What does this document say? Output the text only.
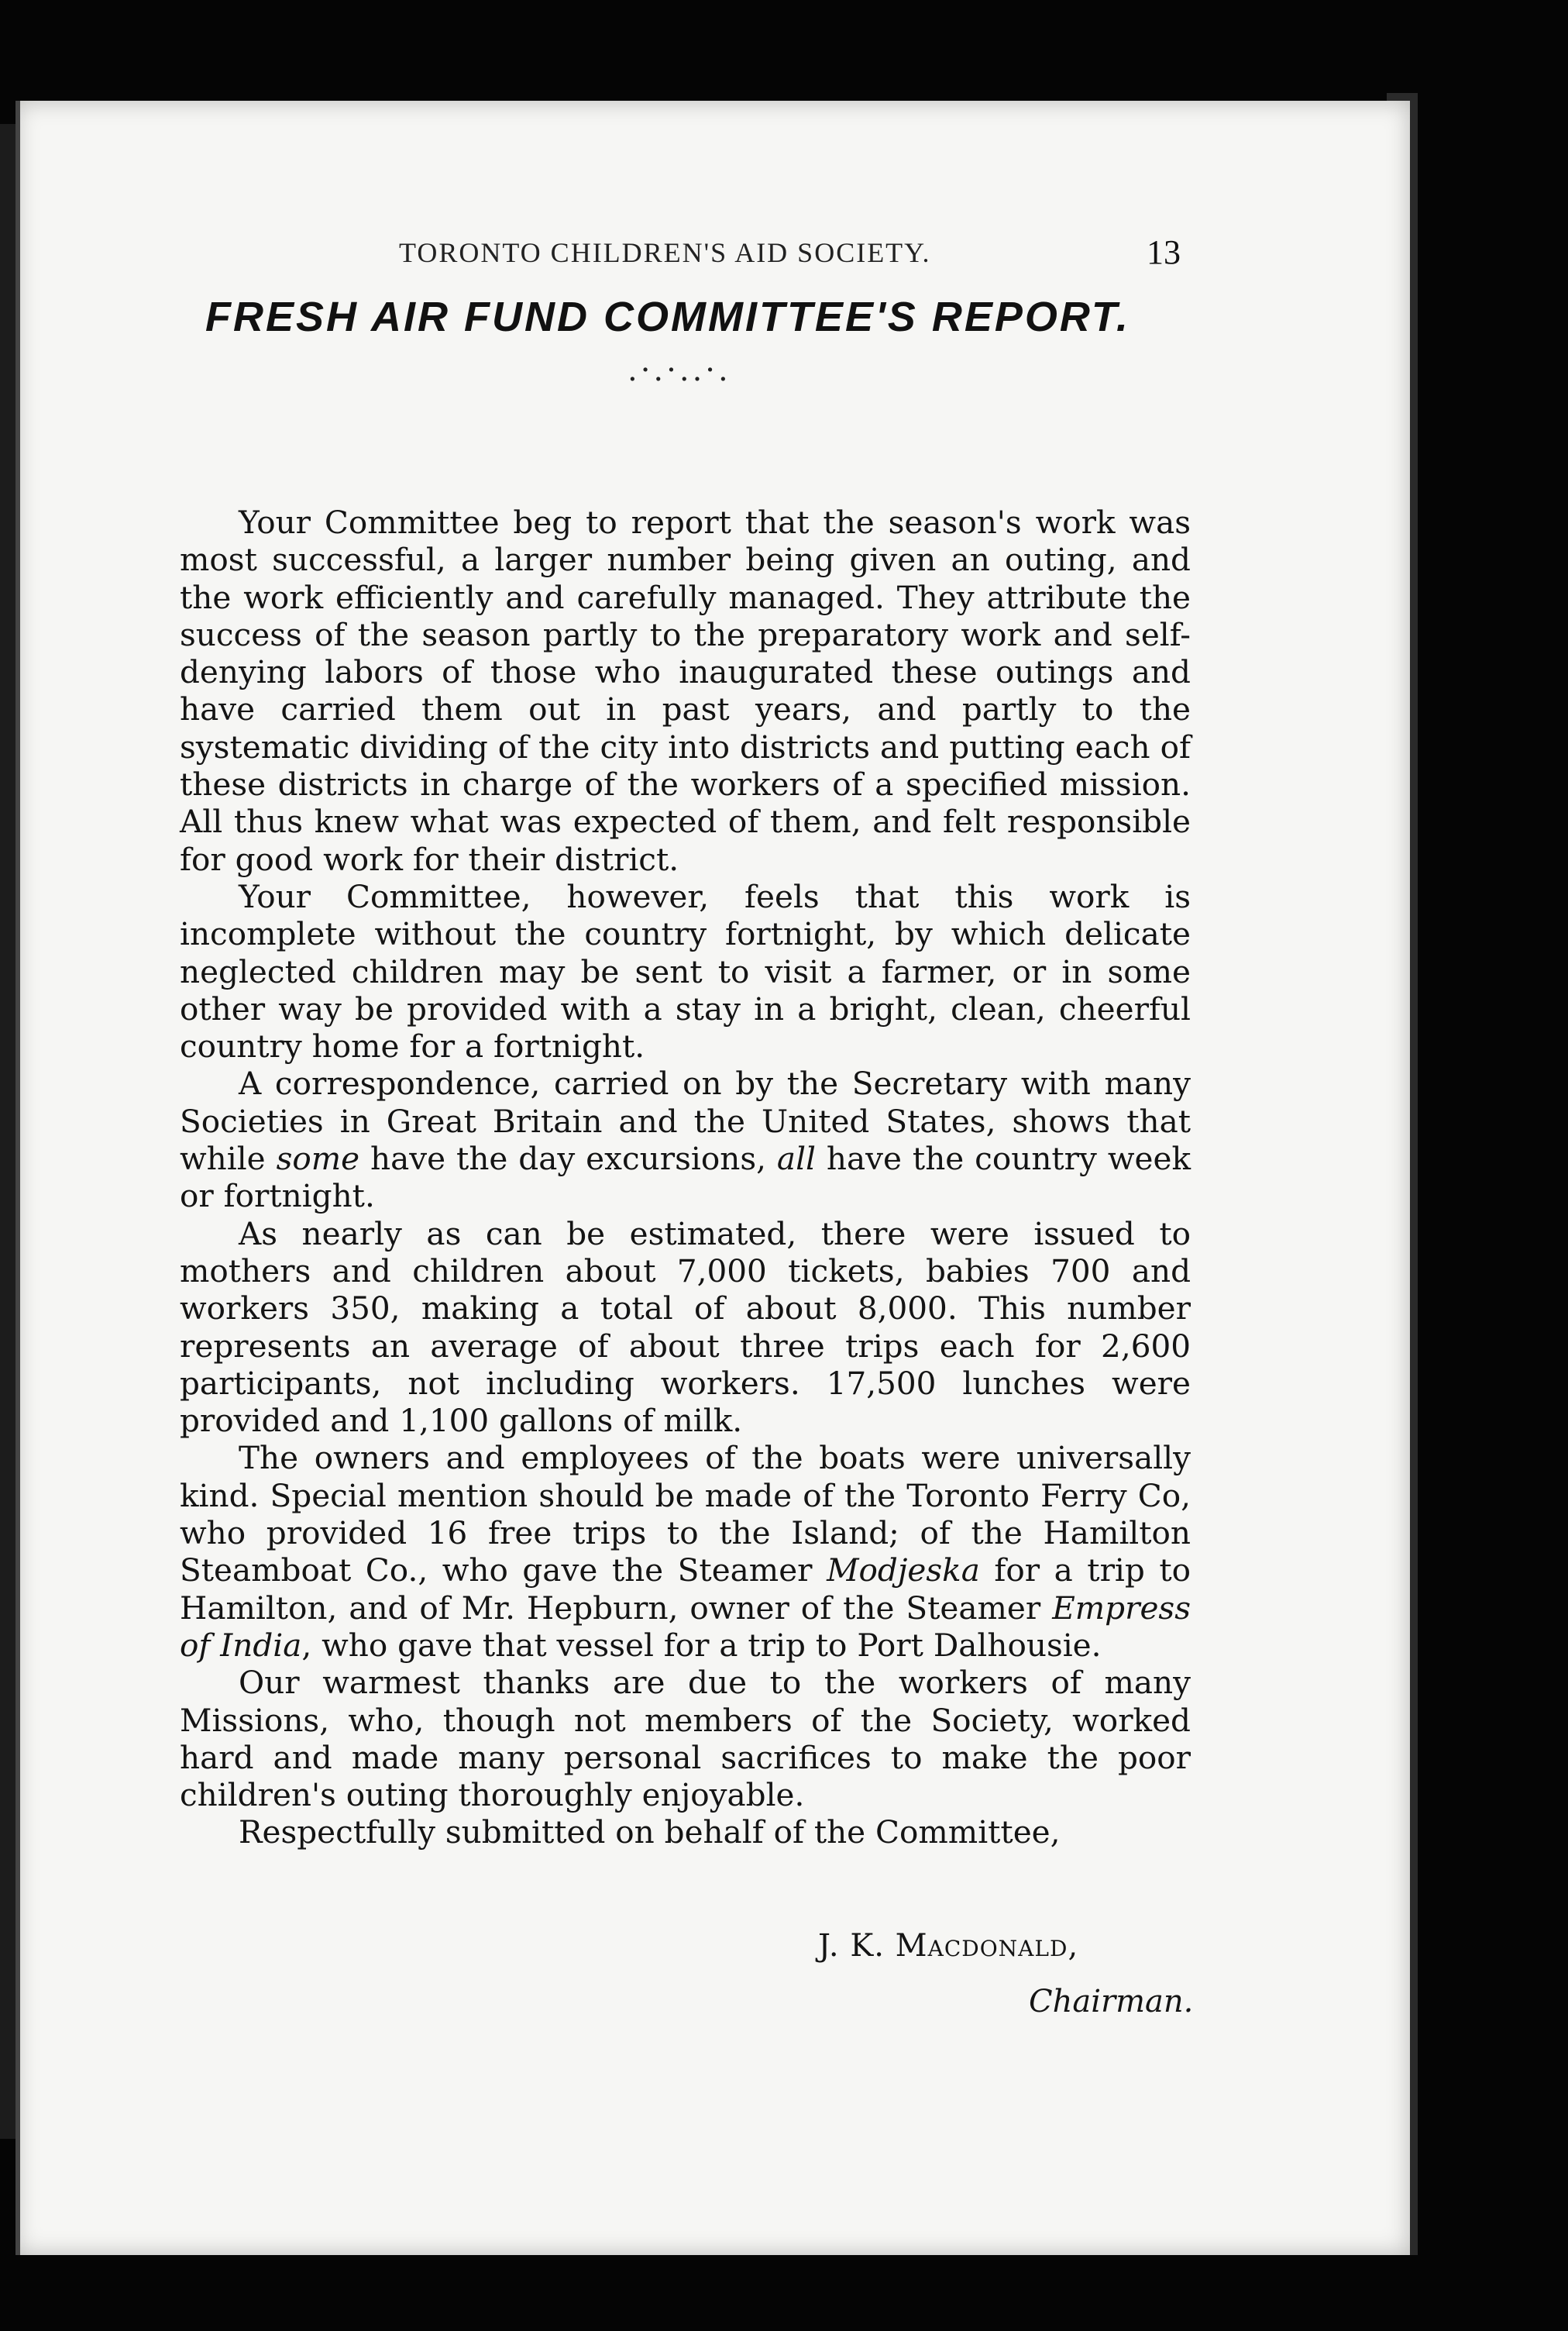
TORONTO CHILDREN'S AID SOCIETY.	13
FRESH AIR FUND COMMITTEE'S REPORT.
.·.·..·.

Your Committee beg to report that the season's work was most successful, a larger number being given an outing, and the work efficiently and carefully managed. They attribute the success of the season partly to the preparatory work and self-denying labors of those who inaugurated these outings and have carried them out in past years, and partly to the systematic dividing of the city into districts and putting each of these districts in charge of the workers of a specified mission. All thus knew what was expected of them, and felt responsible for good work for their district.

Your Committee, however, feels that this work is incomplete without the country fortnight, by which delicate neglected children may be sent to visit a farmer, or in some other way be provided with a stay in a bright, clean, cheerful country home for a fortnight.

A correspondence, carried on by the Secretary with many Societies in Great Britain and the United States, shows that while some have the day excursions, all have the country week or fortnight.

As nearly as can be estimated, there were issued to mothers and children about 7,000 tickets, babies 700 and workers 350, making a total of about 8,000. This number represents an average of about three trips each for 2,600 participants, not including workers. 17,500 lunches were provided and 1,100 gallons of milk.

The owners and employees of the boats were universally kind. Special mention should be made of the Toronto Ferry Co, who provided 16 free trips to the Island; of the Hamilton Steamboat Co., who gave the Steamer Modjeska for a trip to Hamilton, and of Mr. Hepburn, owner of the Steamer Empress of India, who gave that vessel for a trip to Port Dalhousie.

Our warmest thanks are due to the workers of many Missions, who, though not members of the Society, worked hard and made many personal sacrifices to make the poor children's outing thoroughly enjoyable.

Respectfully submitted on behalf of the Committee,

J. K. Macdonald,
Chairman.
